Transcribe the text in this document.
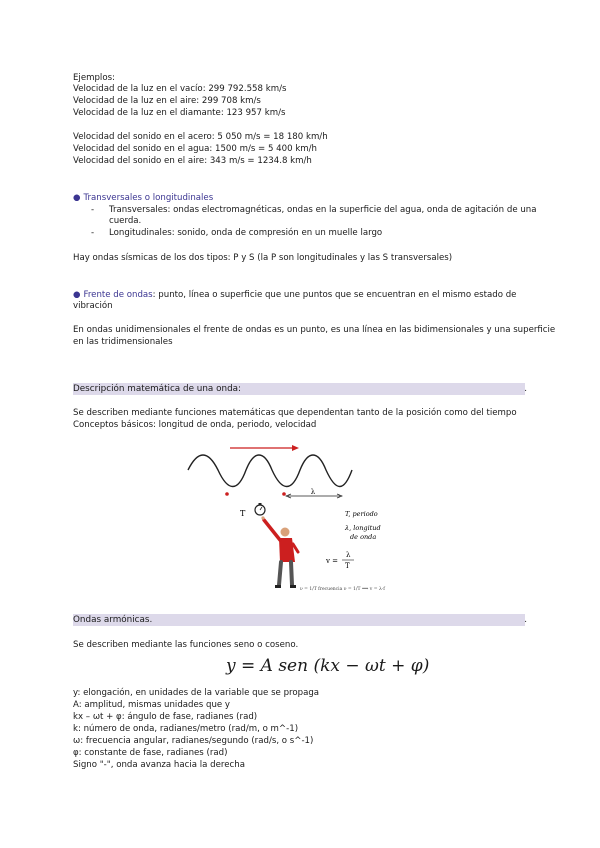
Ejemplos:
Velocidad de la luz en el vacío: 299 792.558 km/s
Velocidad de la luz en el aire: 299 708 km/s
Velocidad de la luz en el diamante: 123 957 km/s
Velocidad del sonido en el acero: 5 050 m/s = 18 180 km/h
Velocidad del sonido en el agua: 1500 m/s = 5 400 km/h
Velocidad del sonido en el aire: 343 m/s = 1234.8 km/h
● Transversales o longitudinales
- Transversales: ondas electromagnéticas, ondas en la superficie del agua, onda de agitación de una
cuerda.
- Longitudinales: sonido, onda de compresión en un muelle largo
Hay ondas sísmicas de los dos tipos: P y S (la P son longitudinales y las S transversales)
● Frente de ondas: punto, línea o superficie que une puntos que se encuentran en el mismo estado de
vibración
En ondas unidimensionales el frente de ondas es un punto, es una línea en las bidimensionales y una superficie
en las tridimensionales
Descripción matemática de una onda:	.
Se describen mediante funciones matemáticas que dependentan tanto de la posición como del tiempo
Conceptos básicos: longitud de onda, periodo, velocidad
λ
T	T, periodo
λ, longitud
de onda
v =
λ
T
ν = 1/T frecuencia ν = 1/T ⟹ v = λ·f
Ondas armónicas.	.
Se describen mediante las funciones seno o coseno.
y = A sen (kx − ωt + φ)
y: elongación, en unidades de la variable que se propaga
A: amplitud, mismas unidades que y
kx – ωt + φ: ángulo de fase, radianes (rad)
k: número de onda, radianes/metro (rad/m, o m^-1)
ω: frecuencia angular, radianes/segundo (rad/s, o s^-1)
φ: constante de fase, radianes (rad)
Signo "-", onda avanza hacia la derecha
